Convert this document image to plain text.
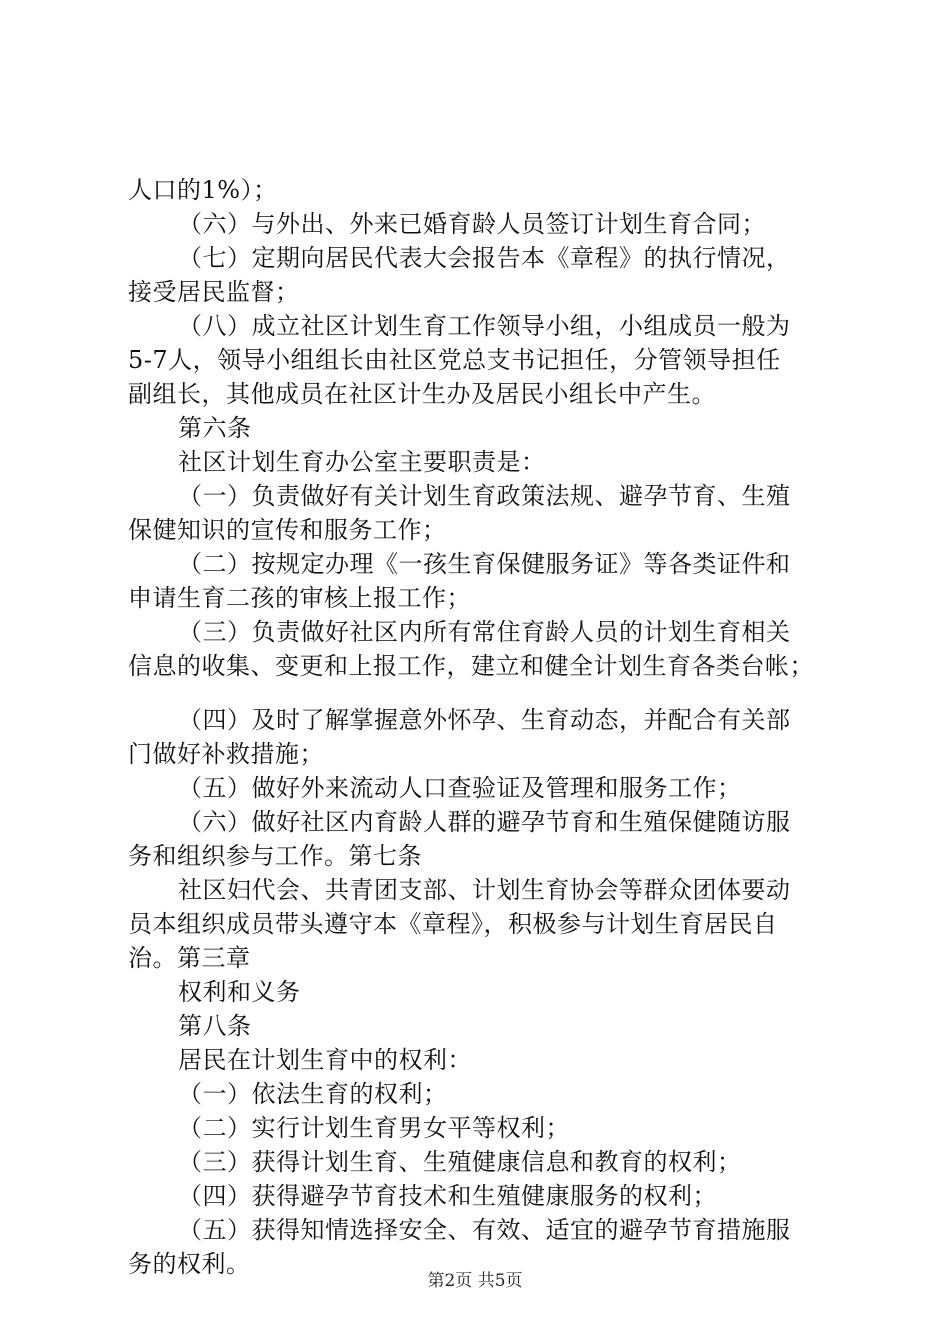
人口的1%）；
（六）与外出、外来已婚育龄人员签订计划生育合同；
（七）定期向居民代表大会报告本《章程》的执行情况，
接受居民监督；
（八）成立社区计划生育工作领导小组，小组成员一般为
5-7人，领导小组组长由社区党总支书记担任，分管领导担任
副组长，其他成员在社区计生办及居民小组长中产生。
第六条
社区计划生育办公室主要职责是：
（一）负责做好有关计划生育政策法规、避孕节育、生殖
保健知识的宣传和服务工作；
（二）按规定办理《一孩生育保健服务证》等各类证件和
申请生育二孩的审核上报工作；
（三）负责做好社区内所有常住育龄人员的计划生育相关
信息的收集、变更和上报工作，建立和健全计划生育各类台帐；
（四）及时了解掌握意外怀孕、生育动态，并配合有关部
门做好补救措施；
（五）做好外来流动人口查验证及管理和服务工作；
（六）做好社区内育龄人群的避孕节育和生殖保健随访服
务和组织参与工作。第七条
社区妇代会、共青团支部、计划生育协会等群众团体要动
员本组织成员带头遵守本《章程》，积极参与计划生育居民自
治。第三章
权利和义务
第八条
居民在计划生育中的权利：
（一）依法生育的权利；
（二）实行计划生育男女平等权利；
（三）获得计划生育、生殖健康信息和教育的权利；
（四）获得避孕节育技术和生殖健康服务的权利；
（五）获得知情选择安全、有效、适宜的避孕节育措施服
务的权利。
第2页 共5页
